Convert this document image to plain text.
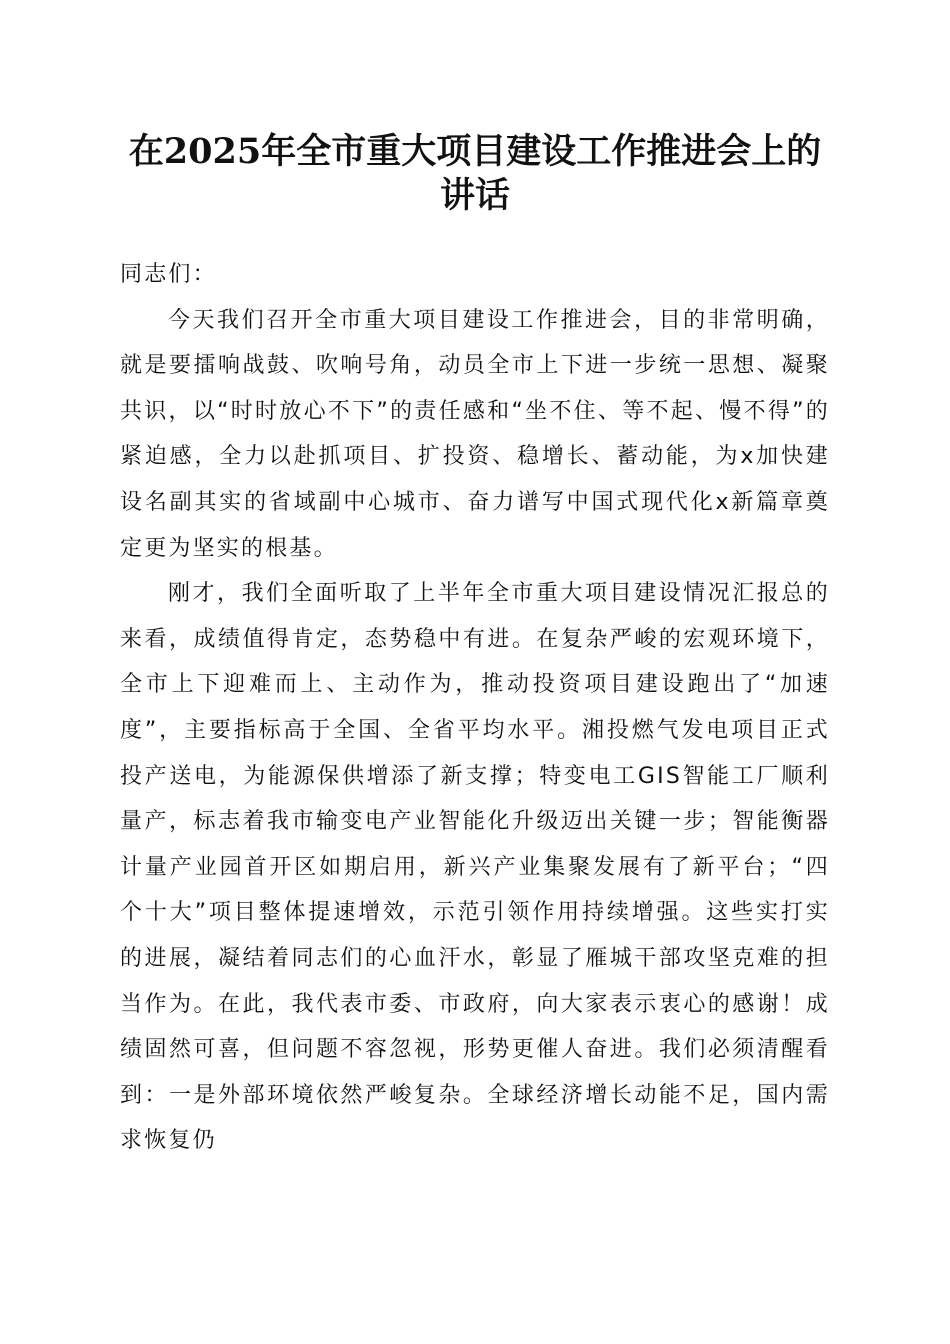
在2025年全市重大项目建设工作推进会上的
讲话

同志们：

今天我们召开全市重大项目建设工作推进会，目的非常明确，就是要擂响战鼓、吹响号角，动员全市上下进一步统一思想、凝聚共识，以“时时放心不下”的责任感和“坐不住、等不起、慢不得”的紧迫感，全力以赴抓项目、扩投资、稳增长、蓄动能，为x加快建设名副其实的省域副中心城市、奋力谱写中国式现代化x新篇章奠定更为坚实的根基。

刚才，我们全面听取了上半年全市重大项目建设情况汇报总的来看，成绩值得肯定，态势稳中有进。在复杂严峻的宏观环境下，全市上下迎难而上、主动作为，推动投资项目建设跑出了“加速度”，主要指标高于全国、全省平均水平。湘投燃气发电项目正式投产送电，为能源保供增添了新支撑；特变电工GIS智能工厂顺利量产，标志着我市输变电产业智能化升级迈出关键一步；智能衡器计量产业园首开区如期启用，新兴产业集聚发展有了新平台；“四个十大”项目整体提速增效，示范引领作用持续增强。这些实打实的进展，凝结着同志们的心血汗水，彰显了雁城干部攻坚克难的担当作为。在此，我代表市委、市政府，向大家表示衷心的感谢！成绩固然可喜，但问题不容忽视，形势更催人奋进。我们必须清醒看到：一是外部环境依然严峻复杂。全球经济增长动能不足，国内需求恢复仍
